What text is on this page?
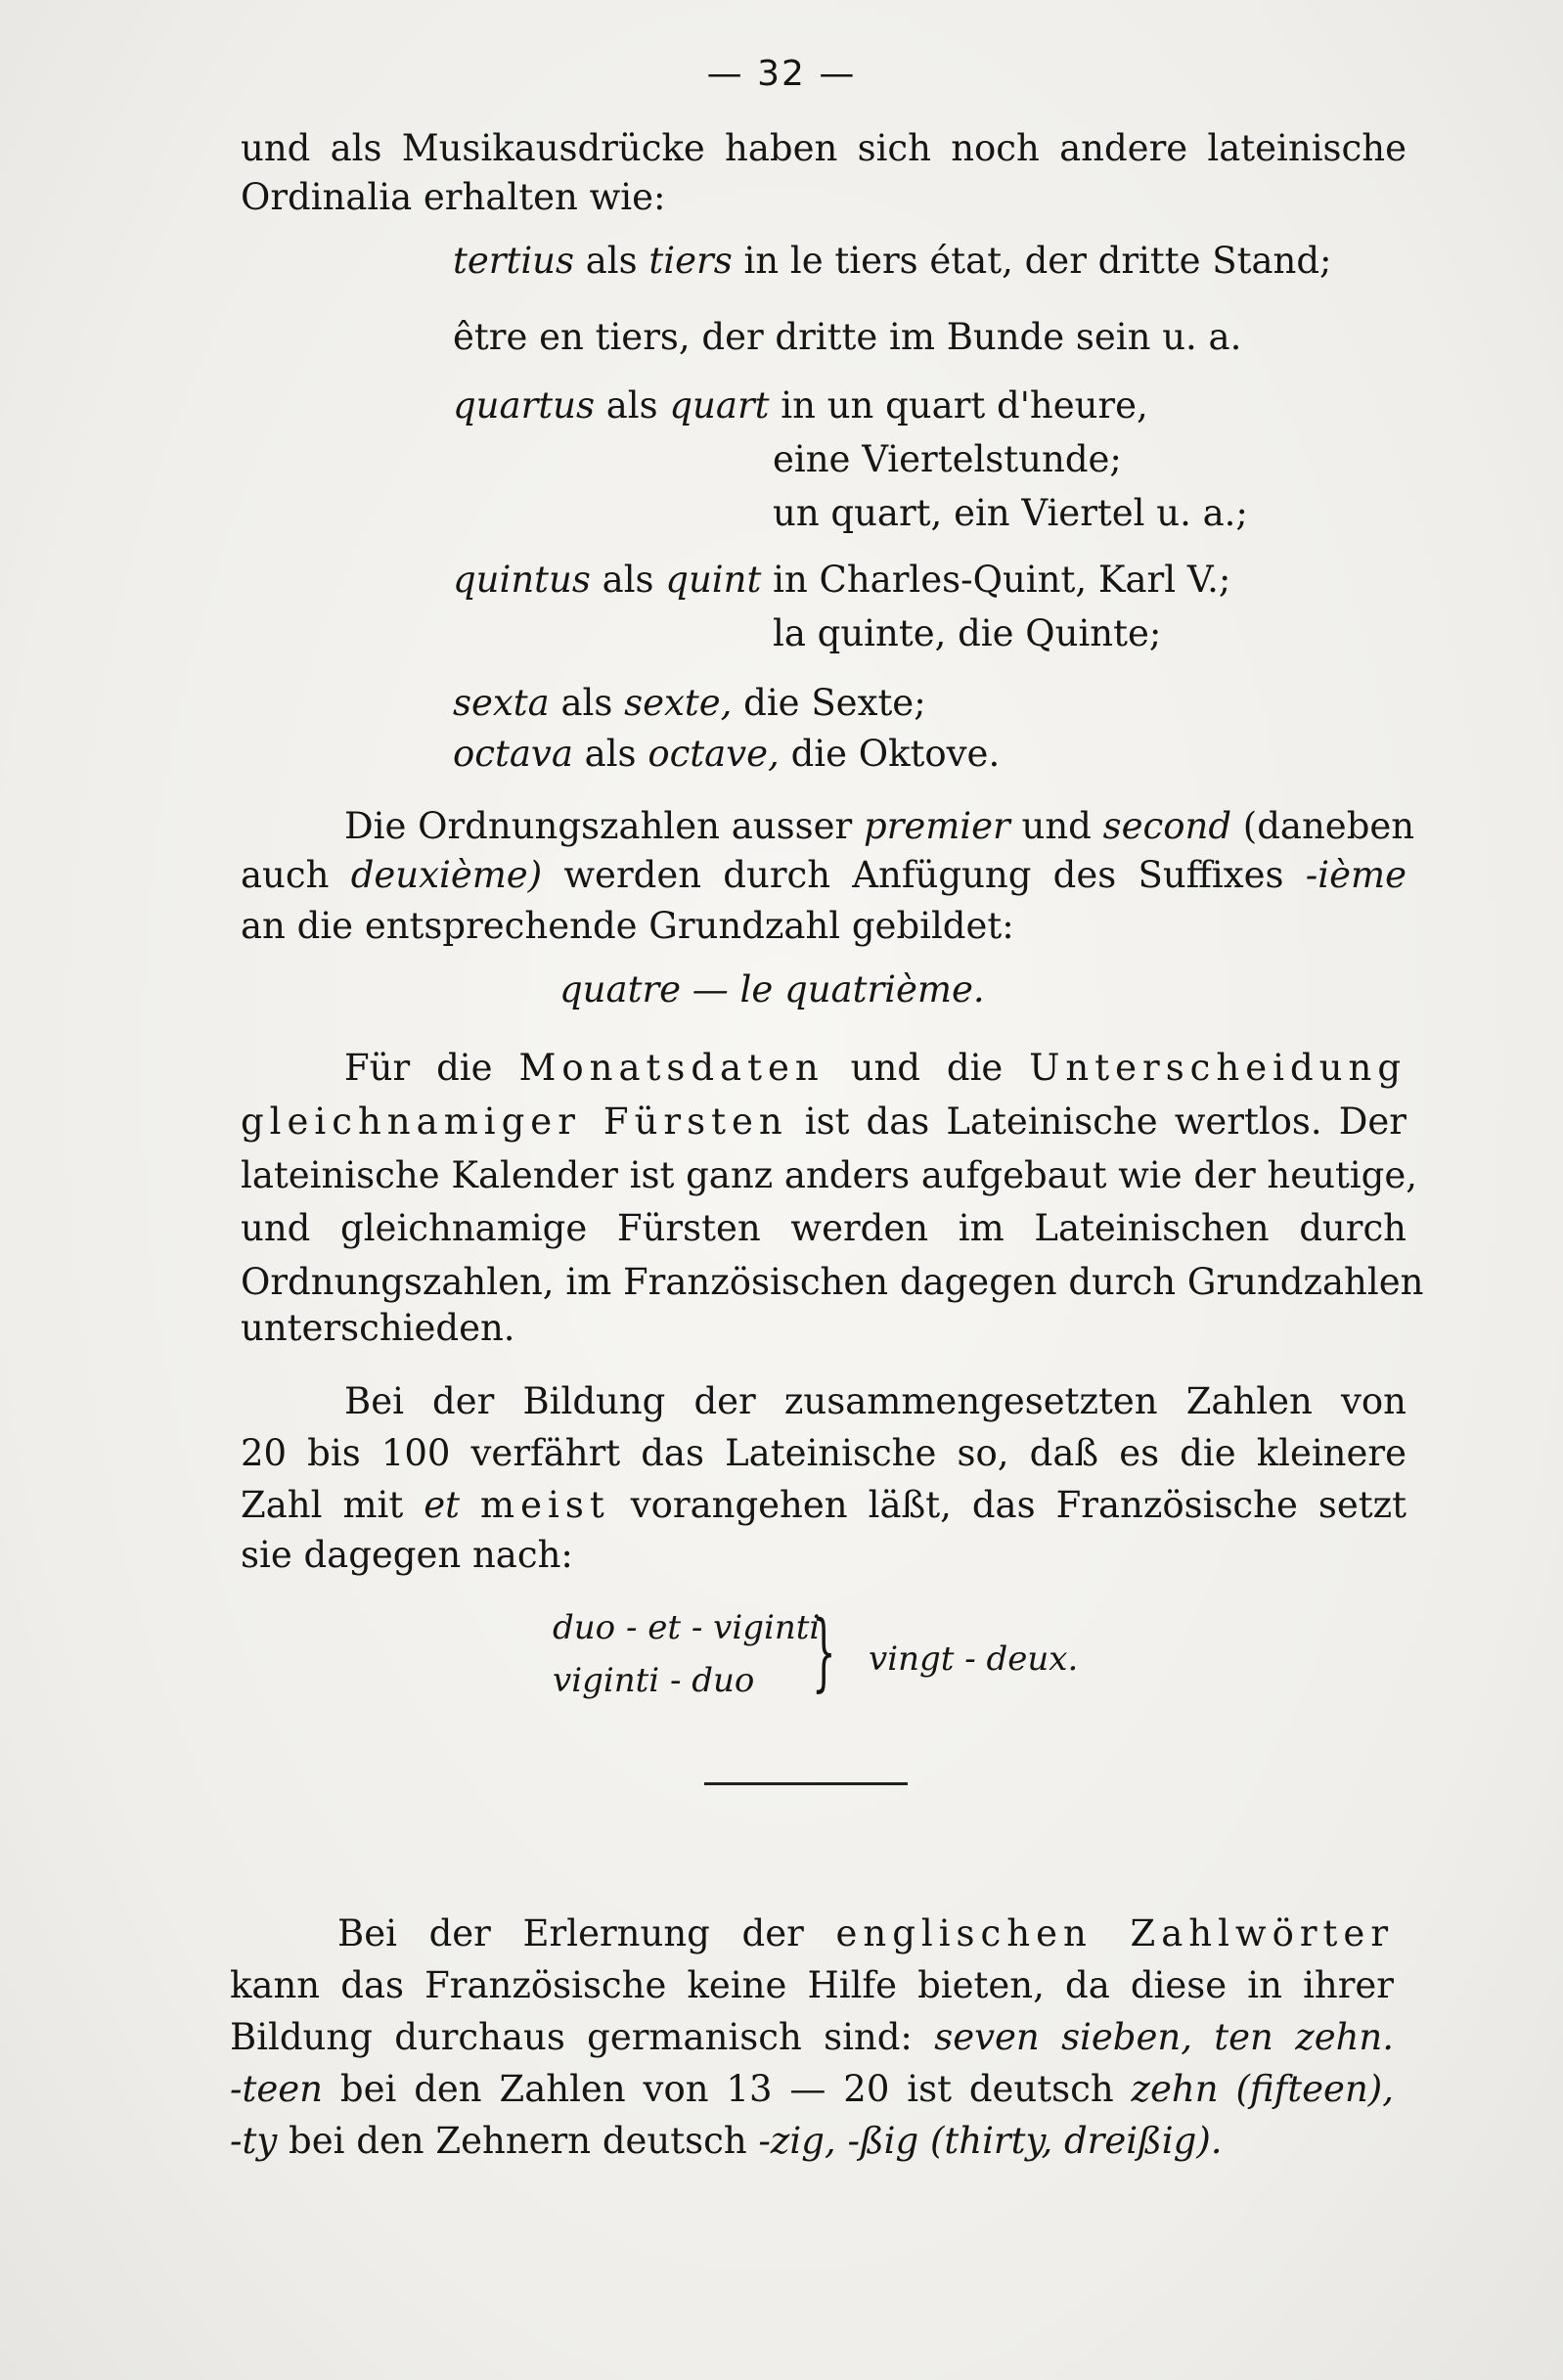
— 32 —
und als Musikausdrücke haben sich noch andere lateinische
Ordinalia erhalten wie:
tertius als tiers in le tiers état, der dritte Stand;
être en tiers, der dritte im Bunde sein u. a.
quartus als quart in un quart d'heure,
eine Viertelstunde;
un quart, ein Viertel u. a.;
quintus als quint in Charles-Quint, Karl V.;
la quinte, die Quinte;
sexta als sexte, die Sexte;
octava als octave, die Oktove.
Die Ordnungszahlen ausser premier und second (daneben
auch deuxième) werden durch Anfügung des Suffixes -ième
an die entsprechende Grundzahl gebildet:
quatre — le quatrième.
Für die Monatsdaten und die Unterscheidung
gleichnamiger Fürsten ist das Lateinische wertlos. Der
lateinische Kalender ist ganz anders aufgebaut wie der heutige,
und gleichnamige Fürsten werden im Lateinischen durch
Ordnungszahlen, im Französischen dagegen durch Grundzahlen
unterschieden.
Bei der Bildung der zusammengesetzten Zahlen von
20 bis 100 verfährt das Lateinische so, daß es die kleinere
Zahl mit et meist vorangehen läßt, das Französische setzt
sie dagegen nach:
duo - et - viginti
viginti - duo } vingt - deux.
Bei der Erlernung der englischen Zahlwörter
kann das Französische keine Hilfe bieten, da diese in ihrer
Bildung durchaus germanisch sind: seven sieben, ten zehn.
-teen bei den Zahlen von 13 — 20 ist deutsch zehn (fifteen),
-ty bei den Zehnern deutsch -zig, -ßig (thirty, dreißig).
